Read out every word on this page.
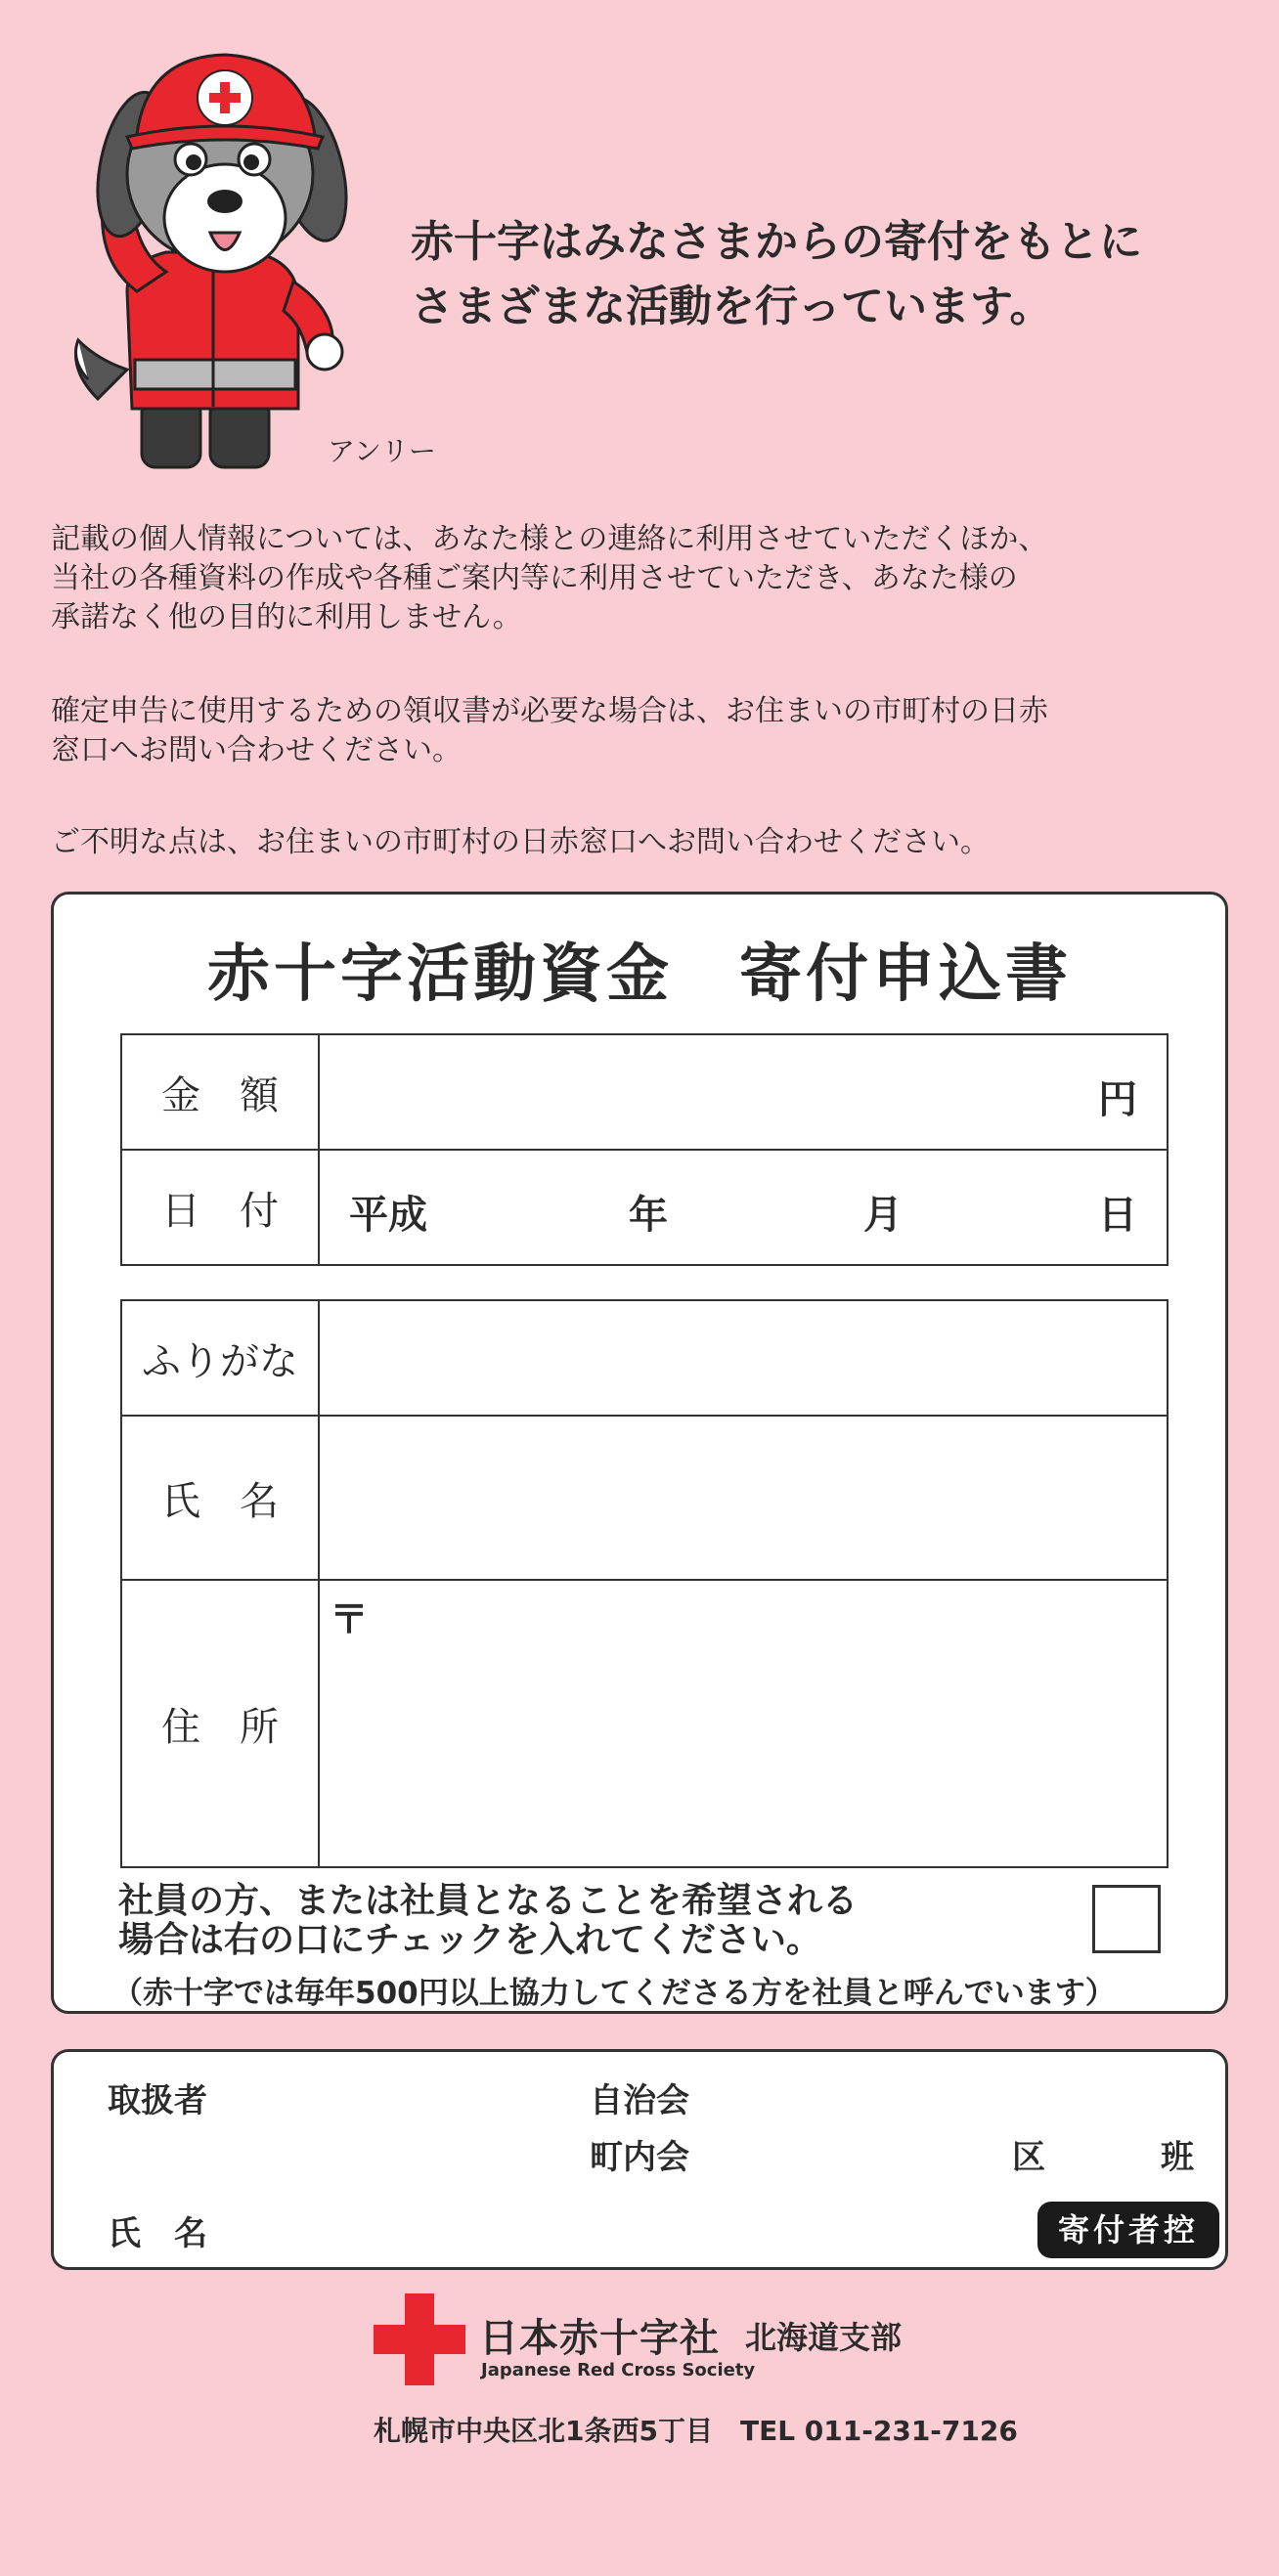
アンリー
赤十字はみなさまからの寄付をもとに
さまざまな活動を行っています。
記載の個人情報については、あなた様との連絡に利用させていただくほか、
当社の各種資料の作成や各種ご案内等に利用させていただき、あなた様の
承諾なく他の目的に利用しません。
確定申告に使用するための領収書が必要な場合は、お住まいの市町村の日赤
窓口へお問い合わせください。
ご不明な点は、お住まいの市町村の日赤窓口へお問い合わせください。
赤十字活動資金　寄付申込書
金　額	円

日　付	平成 年 月 日
ふりがな	
氏　名	
住　所	〒
社員の方、または社員となることを希望される
場合は右の口にチェックを入れてください。
（赤十字では毎年500円以上協力してくださる方を社員と呼んでいます）
取扱者	自治会
町内会	区	班
氏　名	寄付者控
日本赤十字社
Japanese Red Cross Society
北海道支部
札幌市中央区北1条西5丁目　TEL 011-231-7126
